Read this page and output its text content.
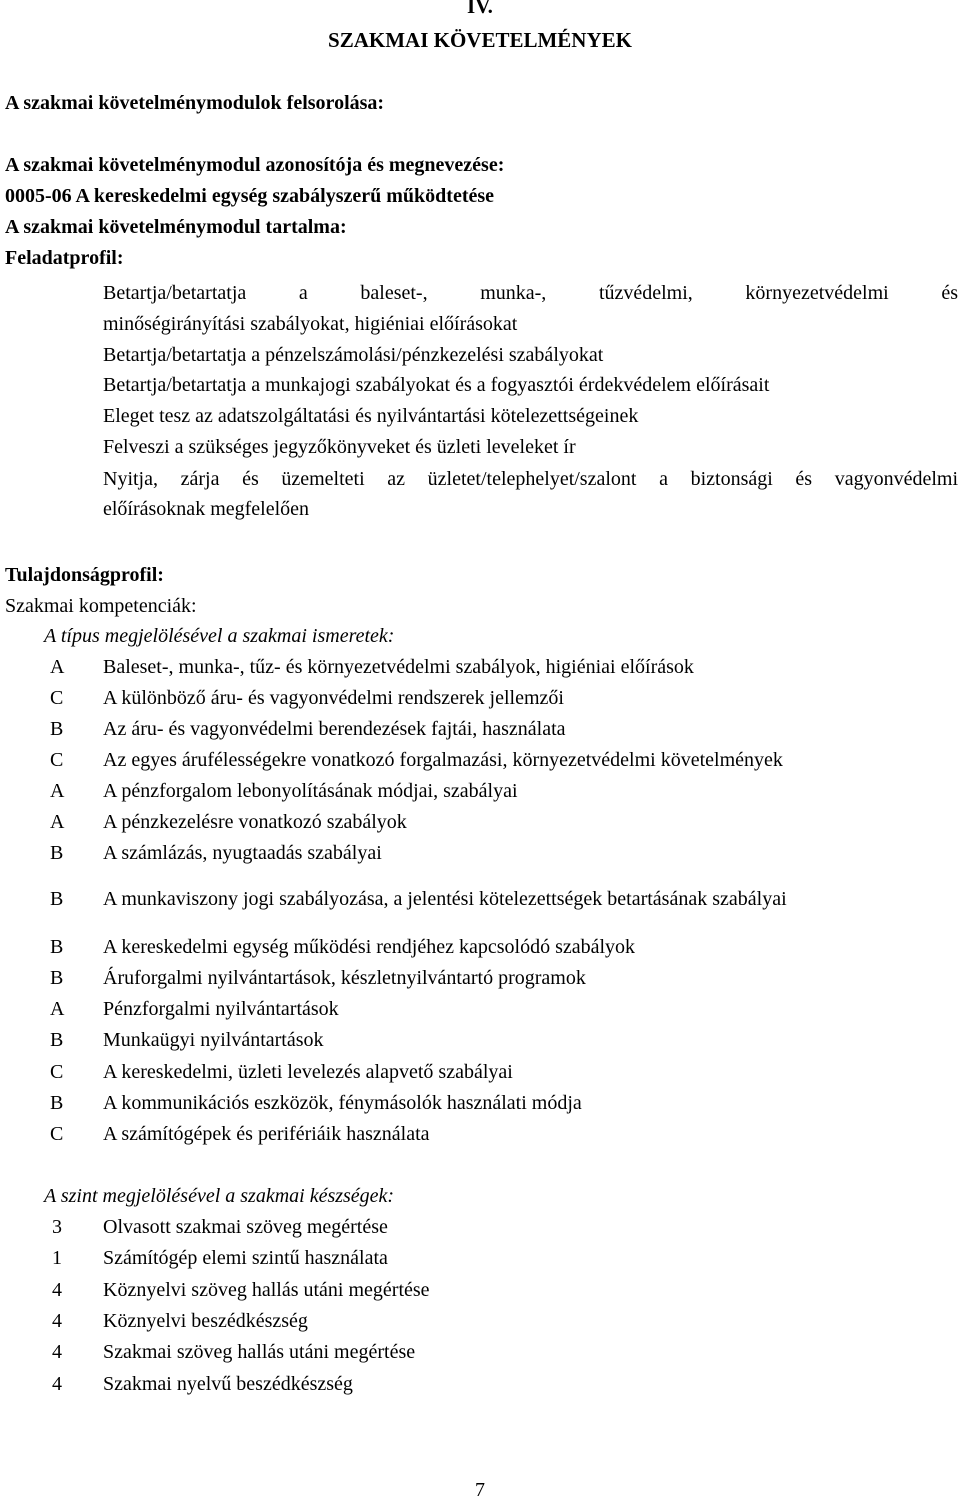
IV.
SZAKMAI KÖVETELMÉNYEK
A szakmai követelménymodulok felsorolása:
A szakmai követelménymodul azonosítója és megnevezése:
0005-06 A kereskedelmi egység szabályszerű működtetése
A szakmai követelménymodul tartalma:
Feladatprofil:
Betartja/betartatja a baleset-, munka-, tűzvédelmi, környezetvédelmi és
minőségirányítási szabályokat, higiéniai előírásokat
Betartja/betartatja a pénzelszámolási/pénzkezelési szabályokat
Betartja/betartatja a munkajogi szabályokat és a fogyasztói érdekvédelem előírásait
Eleget tesz az adatszolgáltatási és nyilvántartási kötelezettségeinek
Felveszi a szükséges jegyzőkönyveket és üzleti leveleket ír
Nyitja, zárja és üzemelteti az üzletet/telephelyet/szalont a biztonsági és vagyonvédelmi
előírásoknak megfelelően
Tulajdonságprofil:
Szakmai kompetenciák:
A típus megjelölésével a szakmai ismeretek:
A Baleset-, munka-, tűz- és környezetvédelmi szabályok, higiéniai előírások
C A különböző áru- és vagyonvédelmi rendszerek jellemzői
B Az áru- és vagyonvédelmi berendezések fajtái, használata
C Az egyes árufélességekre vonatkozó forgalmazási, környezetvédelmi követelmények
A A pénzforgalom lebonyolításának módjai, szabályai
A A pénzkezelésre vonatkozó szabályok
B A számlázás, nyugtaadás szabályai
B A munkaviszony jogi szabályozása, a jelentési kötelezettségek betartásának szabályai
B A kereskedelmi egység működési rendjéhez kapcsolódó szabályok
B Áruforgalmi nyilvántartások, készletnyilvántartó programok
A Pénzforgalmi nyilvántartások
B Munkaügyi nyilvántartások
C A kereskedelmi, üzleti levelezés alapvető szabályai
B A kommunikációs eszközök, fénymásolók használati módja
C A számítógépek és perifériáik használata
A szint megjelölésével a szakmai készségek:
3 Olvasott szakmai szöveg megértése
1 Számítógép elemi szintű használata
4 Köznyelvi szöveg hallás utáni megértése
4 Köznyelvi beszédkészség
4 Szakmai szöveg hallás utáni megértése
4 Szakmai nyelvű beszédkészség
7
